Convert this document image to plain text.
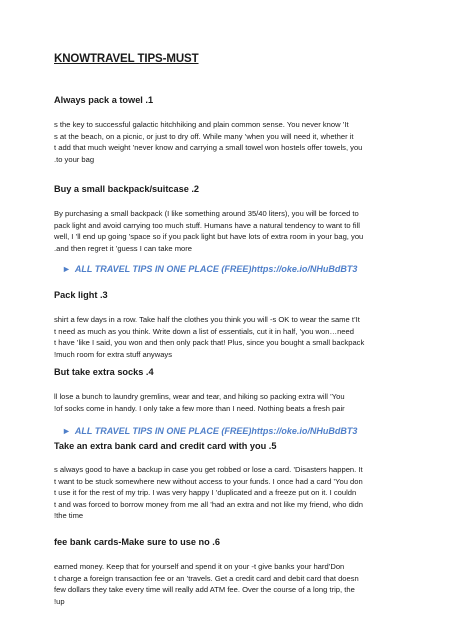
KNOWTRAVEL TIPS-MUST
Always pack a towel .1
s the key to successful galactic hitchhiking and plain common sense. You never know ’It
s at the beach, on a picnic, or just to dry off. While many ’when you will need it, whether it
t add that much weight ’never know and carrying a small towel won hostels offer towels, you
.to your bag
Buy a small backpack/suitcase .2
By purchasing a small backpack (I like something around 35/40 liters), you will be forced to
pack light and avoid carrying too much stuff. Humans have a natural tendency to want to fill
well, I ’ll end up going ’space so if you pack light but have lots of extra room in your bag, you
.and then regret it ’guess I can take more
► ALL TRAVEL TIPS IN ONE PLACE (FREE)https://oke.io/NHuBdBT3
Pack light .3
shirt a few days in a row. Take half the clothes you think you will -s OK to wear the same t’It
t need as much as you think. Write down a list of essentials, cut it in half, ’you won…need
t have ’like I said, you won and then only pack that! Plus, since you bought a small backpack
!much room for extra stuff anyways
But take extra socks .4
ll lose a bunch to laundry gremlins, wear and tear, and hiking so packing extra will ’You
!of socks come in handy. I only take a few more than I need. Nothing beats a fresh pair
► ALL TRAVEL TIPS IN ONE PLACE (FREE)https://oke.io/NHuBdBT3
Take an extra bank card and credit card with you .5
s always good to have a backup in case you get robbed or lose a card. ’Disasters happen. It
t want to be stuck somewhere new without access to your funds. I once had a card ’You don
t use it for the rest of my trip. I was very happy I ’duplicated and a freeze put on it. I couldn
t and was forced to borrow money from me all ’had an extra and not like my friend, who didn
!the time
fee bank cards-Make sure to use no .6
earned money. Keep that for yourself and spend it on your -t give banks your hard’Don
t charge a foreign transaction fee or an ’travels. Get a credit card and debit card that doesn
few dollars they take every time will really add ATM fee. Over the course of a long trip, the
!up
